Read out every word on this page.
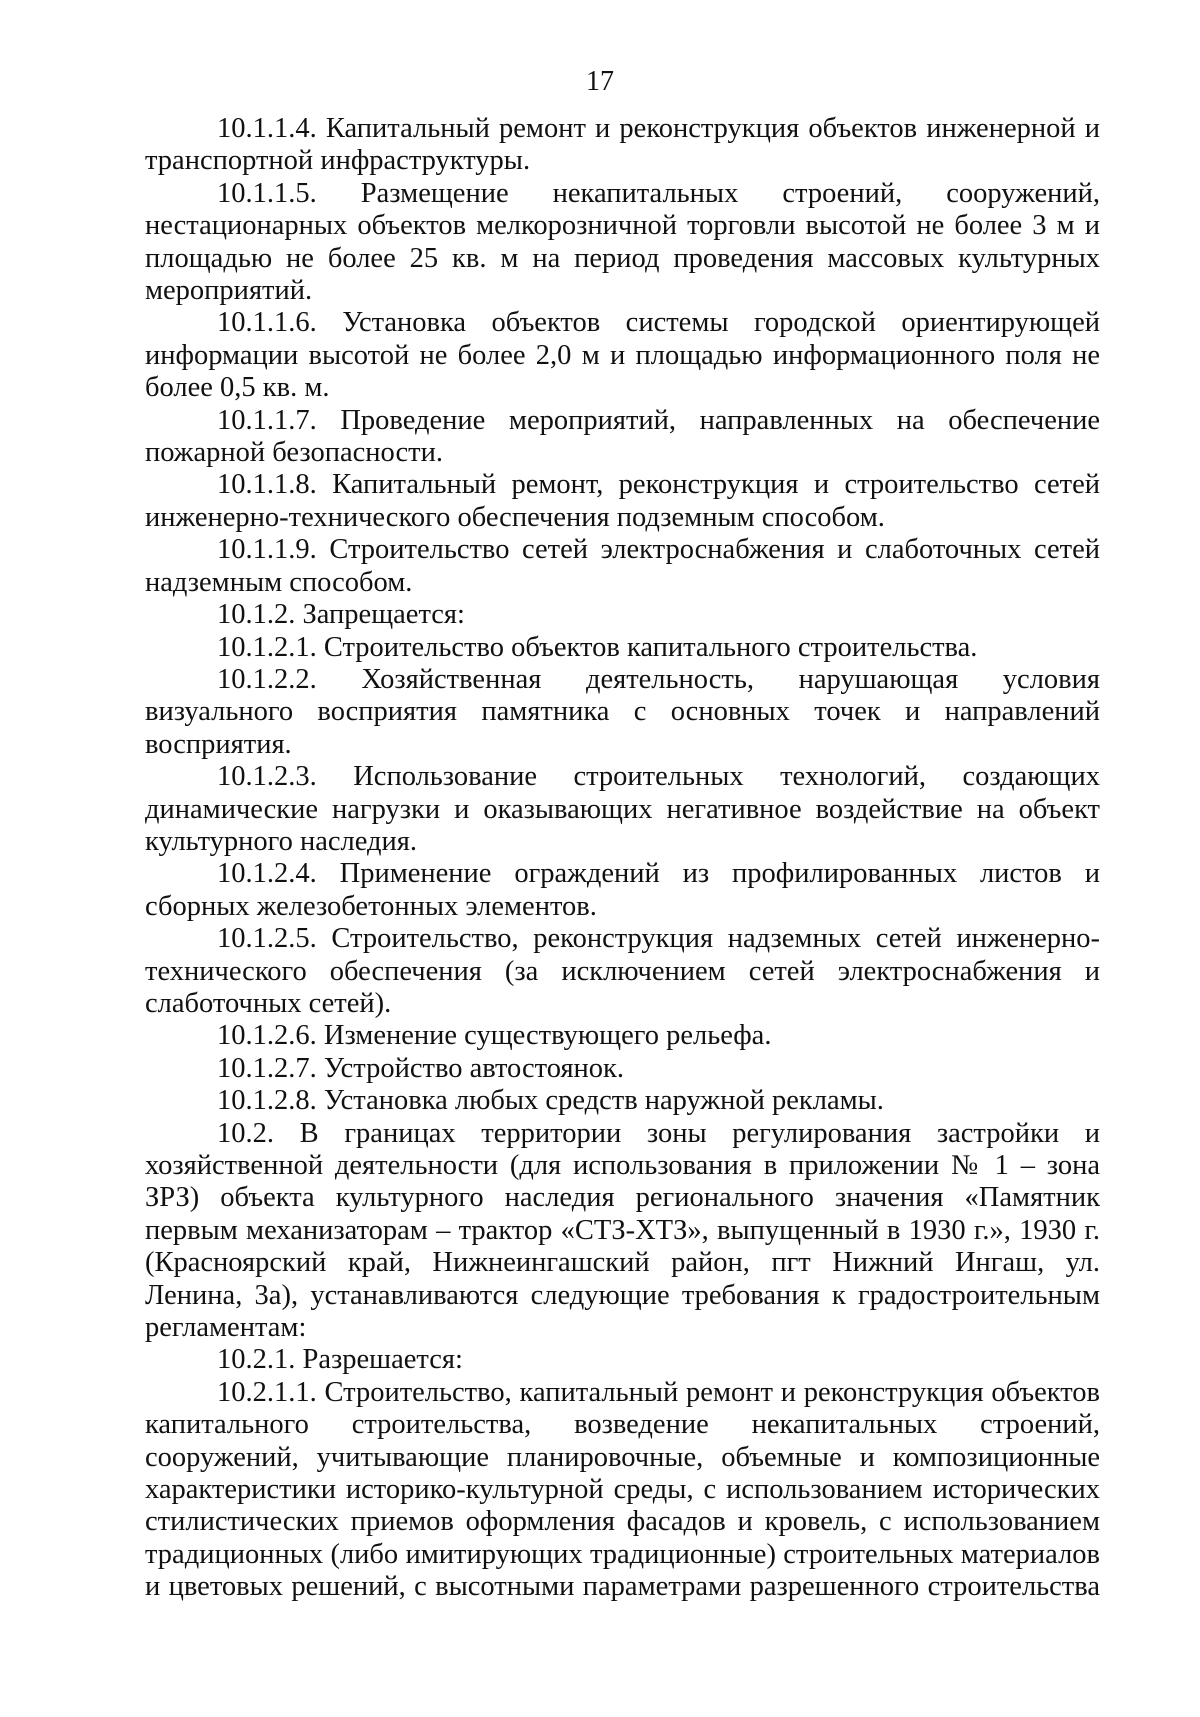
17

10.1.1.4. Капитальный ремонт и реконструкция объектов инженерной и транспортной инфраструктуры.

10.1.1.5. Размещение некапитальных строений, сооружений, нестационарных объектов мелкорозничной торговли высотой не более 3 м и площадью не более 25 кв. м на период проведения массовых культурных мероприятий.

10.1.1.6. Установка объектов системы городской ориентирующей информации высотой не более 2,0 м и площадью информационного поля не более 0,5 кв. м.

10.1.1.7. Проведение мероприятий, направленных на обеспечение пожарной безопасности.

10.1.1.8. Капитальный ремонт, реконструкция и строительство сетей инженерно-технического обеспечения подземным способом.

10.1.1.9. Строительство сетей электроснабжения и слаботочных сетей надземным способом.

10.1.2. Запрещается:

10.1.2.1. Строительство объектов капитального строительства.

10.1.2.2. Хозяйственная деятельность, нарушающая условия визуального восприятия памятника с основных точек и направлений восприятия.

10.1.2.3. Использование строительных технологий, создающих динамические нагрузки и оказывающих негативное воздействие на объект культурного наследия.

10.1.2.4. Применение ограждений из профилированных листов и сборных железобетонных элементов.

10.1.2.5. Строительство, реконструкция надземных сетей инженерно-технического обеспечения (за исключением сетей электроснабжения и слаботочных сетей).

10.1.2.6. Изменение существующего рельефа.

10.1.2.7. Устройство автостоянок.

10.1.2.8. Установка любых средств наружной рекламы.

10.2. В границах территории зоны регулирования застройки и хозяйственной деятельности (для использования в приложении № 1 – зона ЗРЗ) объекта культурного наследия регионального значения «Памятник первым механизаторам – трактор «СТЗ-ХТЗ», выпущенный в 1930 г.», 1930 г. (Красноярский край, Нижнеингашский район, пгт Нижний Ингаш, ул. Ленина, 3а), устанавливаются следующие требования к градостроительным регламентам:

10.2.1. Разрешается:

10.2.1.1. Строительство, капитальный ремонт и реконструкция объектов капитального строительства, возведение некапитальных строений, сооружений, учитывающие планировочные, объемные и композиционные характеристики историко-культурной среды, с использованием исторических стилистических приемов оформления фасадов и кровель, с использованием традиционных (либо имитирующих традиционные) строительных материалов и цветовых решений, с высотными параметрами разрешенного строительства
